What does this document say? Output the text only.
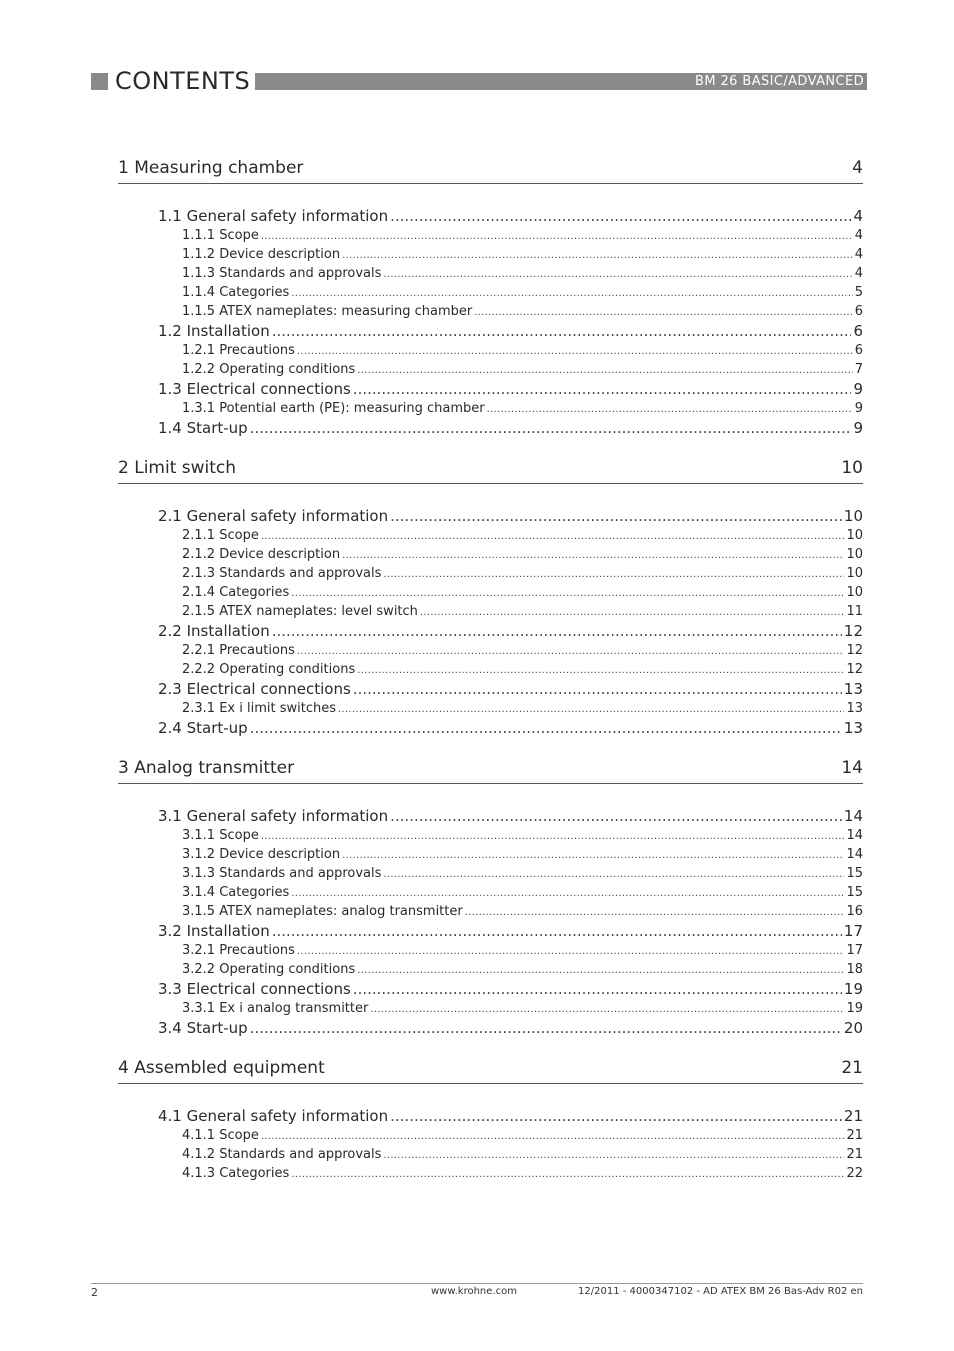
CONTENTS	BM 26 BASIC/ADVANCED
1 Measuring chamber	4
1.1 General safety information .....	4
1.1.1 Scope .....	4
1.1.2 Device description .....	4
1.1.3 Standards and approvals .....	4
1.1.4 Categories .....	5
1.1.5 ATEX nameplates: measuring chamber .....	6
1.2 Installation .....	6
1.2.1 Precautions .....	6
1.2.2 Operating conditions .....	7
1.3 Electrical connections .....	9
1.3.1 Potential earth (PE): measuring chamber .....	9
1.4 Start-up .....	9
2 Limit switch	10
2.1 General safety information .....	10
2.1.1 Scope .....	10
2.1.2 Device description .....	10
2.1.3 Standards and approvals .....	10
2.1.4 Categories .....	10
2.1.5 ATEX nameplates: level switch .....	11
2.2 Installation .....	12
2.2.1 Precautions .....	12
2.2.2 Operating conditions .....	12
2.3 Electrical connections .....	13
2.3.1 Ex i limit switches .....	13
2.4 Start-up .....	13
3 Analog transmitter	14
3.1 General safety information .....	14
3.1.1 Scope .....	14
3.1.2 Device description .....	14
3.1.3 Standards and approvals .....	15
3.1.4 Categories .....	15
3.1.5 ATEX nameplates: analog transmitter .....	16
3.2 Installation .....	17
3.2.1 Precautions .....	17
3.2.2 Operating conditions .....	18
3.3 Electrical connections .....	19
3.3.1 Ex i analog transmitter .....	19
3.4 Start-up .....	20
4 Assembled equipment	21
4.1 General safety information .....	21
4.1.1 Scope .....	21
4.1.2 Standards and approvals .....	21
4.1.3 Categories .....	22
2	www.krohne.com	12/2011 - 4000347102 - AD ATEX BM 26 Bas-Adv R02 en
